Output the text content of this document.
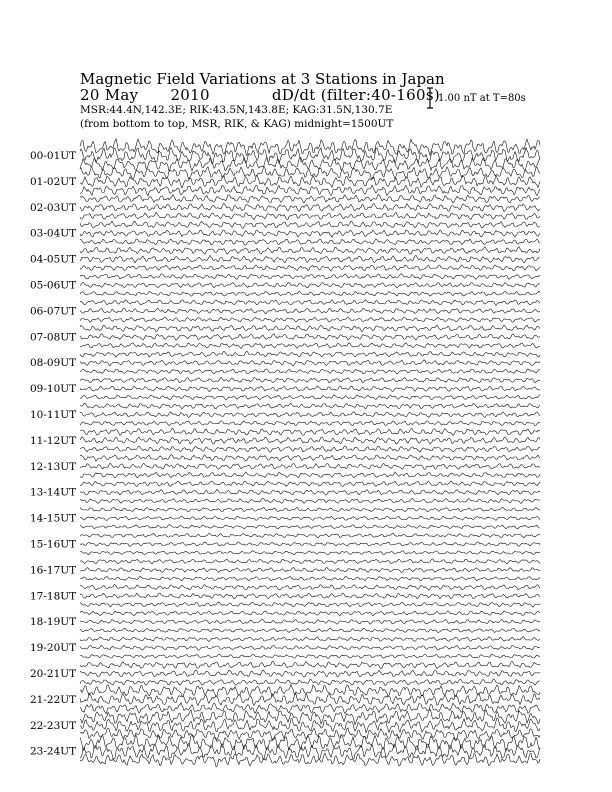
Magnetic Field Variations at 3 Stations in Japan
20 May 2010	dD/dt (filter:40-160s)
MSR:44.4N,142.3E; RIK:43.5N,143.8E; KAG:31.5N,130.7E
(from bottom to top, MSR, RIK, & KAG) midnight=1500UT
1.00 nT at T=80s
00-01UT
01-02UT
02-03UT
03-04UT
04-05UT
05-06UT
06-07UT
07-08UT
08-09UT
09-10UT
10-11UT
11-12UT
12-13UT
13-14UT
14-15UT
15-16UT
16-17UT
17-18UT
18-19UT
19-20UT
20-21UT
21-22UT
22-23UT
23-24UT
